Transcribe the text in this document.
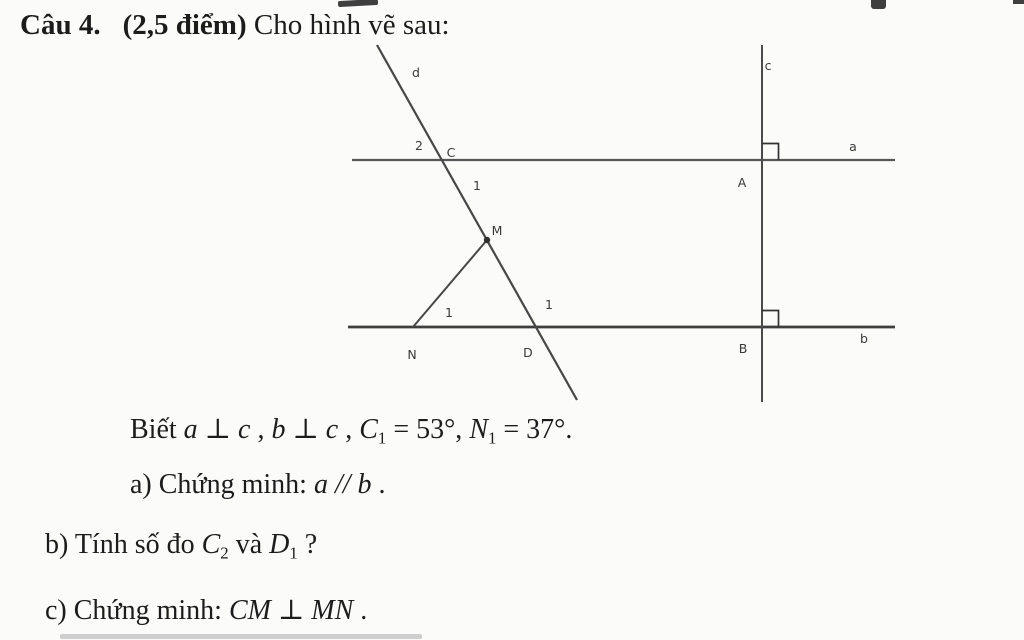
Câu 4. (2,5 điểm) Cho hình vẽ sau:
d	c
2 C
1
a
A
M
1
1
N	D	B
b
Biết a ⊥ c , b ⊥ c , $C_1 = 53^\circ$, $N_1 = 37^\circ$.
a) Chứng minh: a // b .
b) Tính số đo $C_2$ và $D_1$ ?
c) Chứng minh: CM ⊥ MN .
